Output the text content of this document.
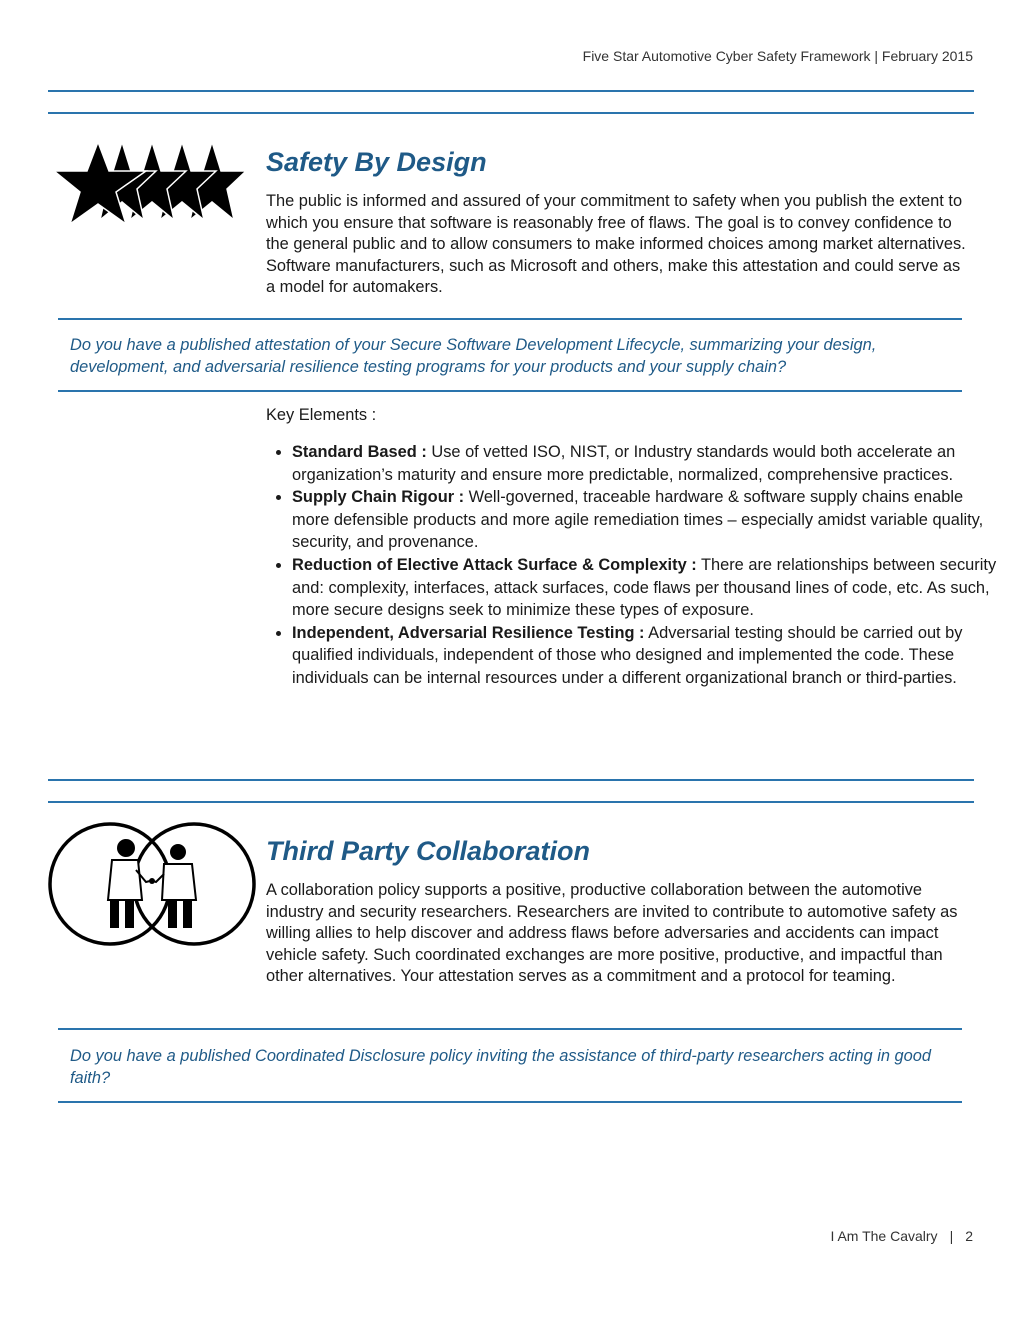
Five Star Automotive Cyber Safety Framework | February 2015
Safety By Design

The public is informed and assured of your commitment to safety when you publish the extent to which you ensure that software is reasonably free of flaws. The goal is to convey confidence to the general public and to allow consumers to make informed choices among market alternatives. Software manufacturers, such as Microsoft and others, make this attestation and could serve as a model for automakers.

Do you have a published attestation of your Secure Software Development Lifecycle, summarizing your design, development, and adversarial resilience testing programs for your products and your supply chain?

Key Elements :
• Standard Based : Use of vetted ISO, NIST, or Industry standards would both accelerate an organization’s maturity and ensure more predictable, normalized, comprehensive practices.
• Supply Chain Rigour : Well-governed, traceable hardware & software supply chains enable more defensible products and more agile remediation times – especially amidst variable quality, security, and provenance.
• Reduction of Elective Attack Surface & Complexity : There are relationships between security and: complexity, interfaces, attack surfaces, code flaws per thousand lines of code, etc. As such, more secure designs seek to minimize these types of exposure.
• Independent, Adversarial Resilience Testing : Adversarial testing should be carried out by qualified individuals, independent of those who designed and implemented the code. These individuals can be internal resources under a different organizational branch or third-parties.
Third Party Collaboration

A collaboration policy supports a positive, productive collaboration between the automotive industry and security researchers. Researchers are invited to contribute to automotive safety as willing allies to help discover and address flaws before adversaries and accidents can impact vehicle safety. Such coordinated exchanges are more positive, productive, and impactful than other alternatives. Your attestation serves as a commitment and a protocol for teaming.

Do you have a published Coordinated Disclosure policy inviting the assistance of third-party researchers acting in good faith?

I Am The Cavalry | 2
